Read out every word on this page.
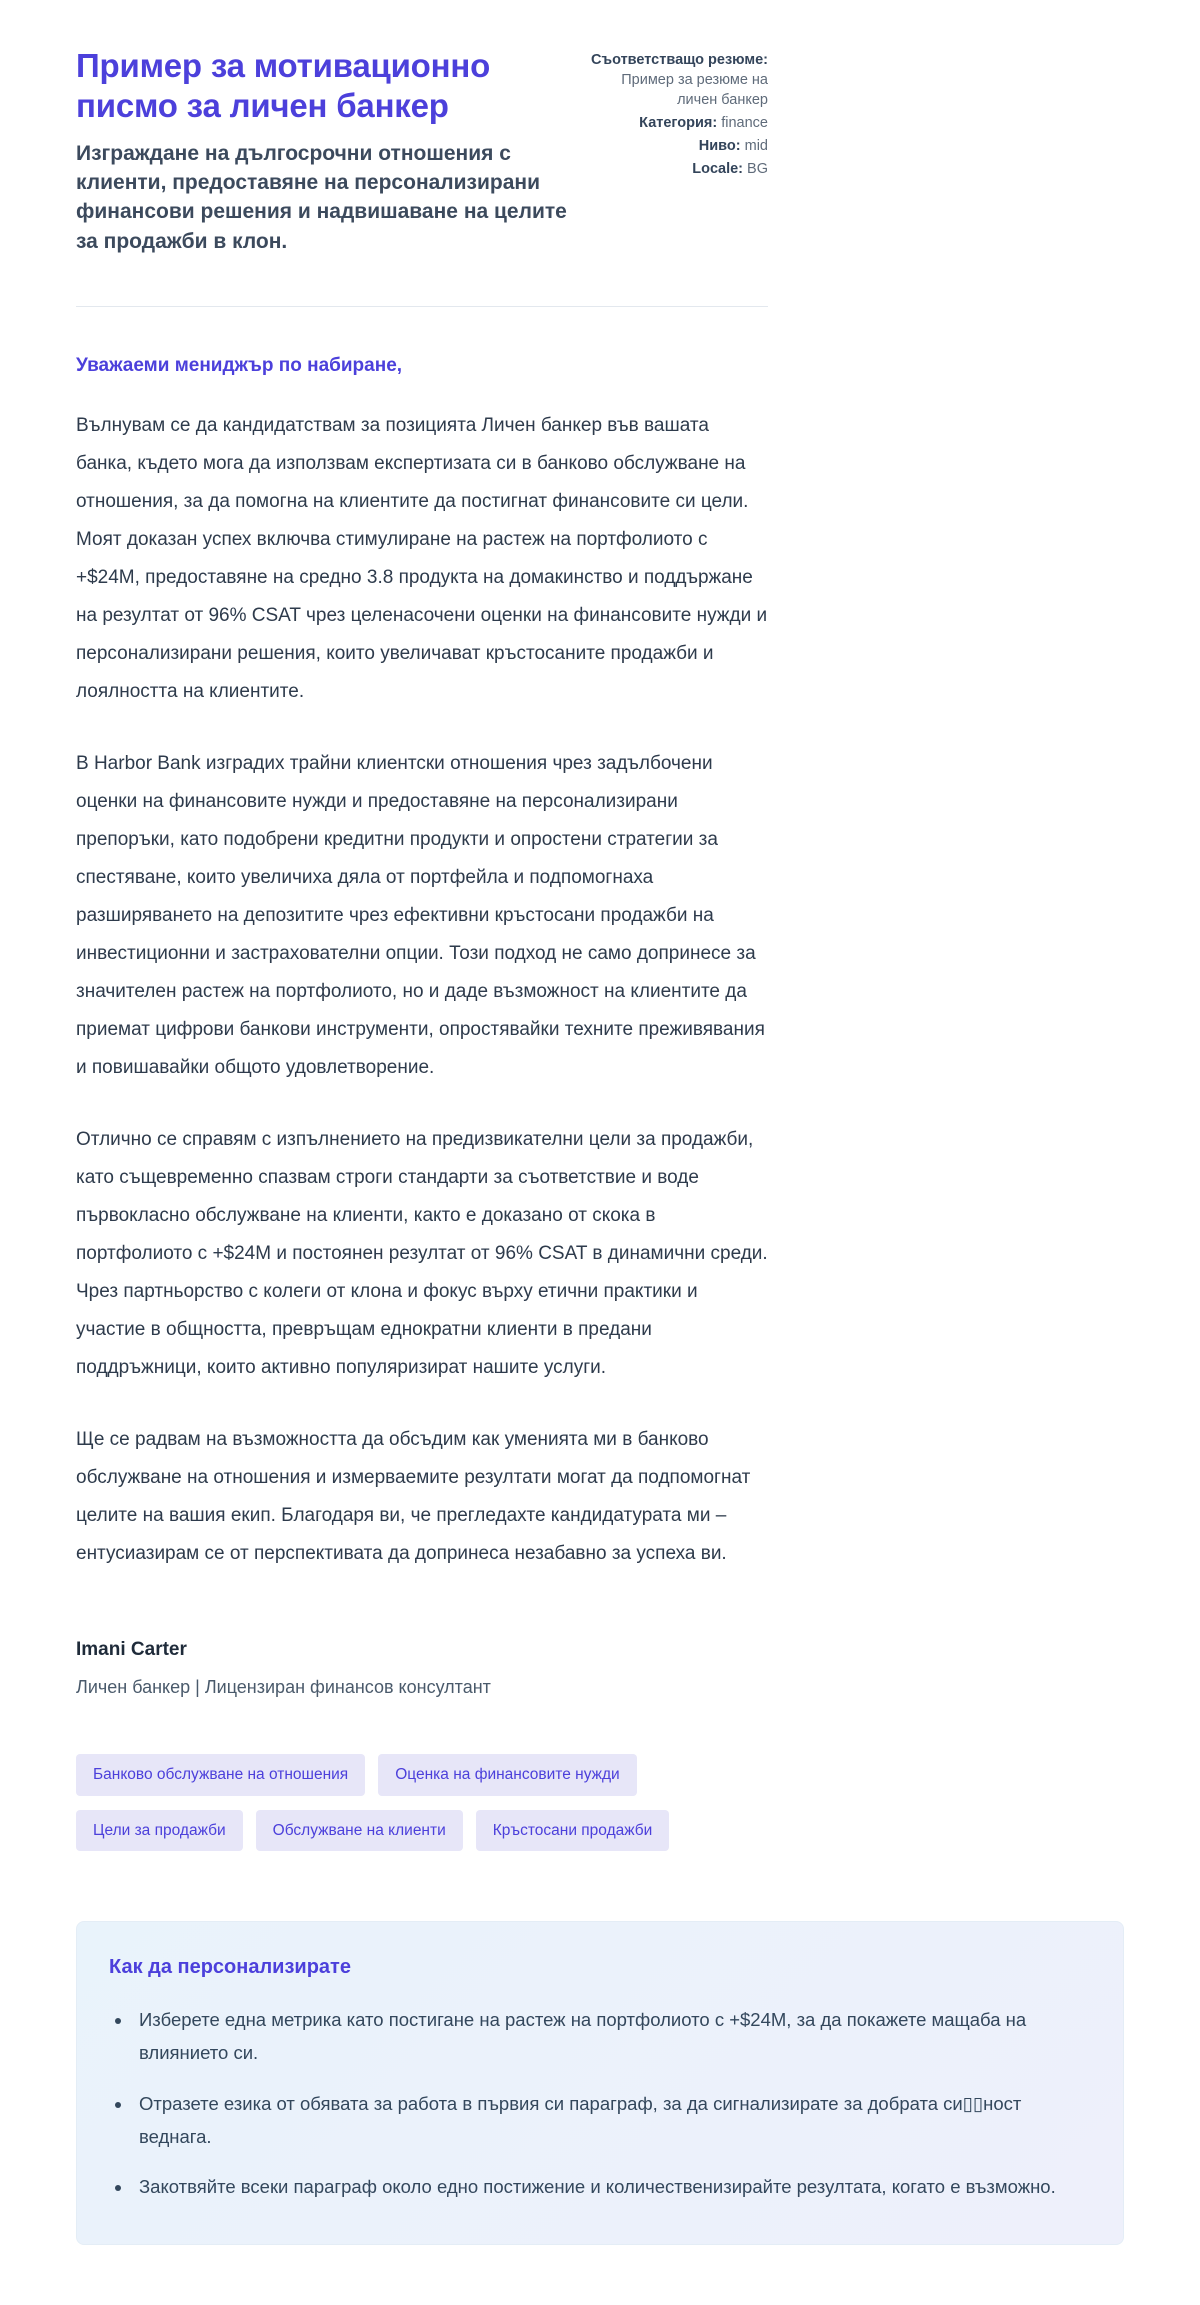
Пример за мотивационно писмо за личен банкер

Изграждане на дългосрочни отношения с клиенти, предоставяне на персонализирани финансови решения и надвишаване на целите за продажби в клон.

Съответстващо резюме: Пример за резюме на личен банкер
Категория: finance
Ниво: mid
Locale: BG

Уважаеми мениджър по набиране,

Вълнувам се да кандидатствам за позицията Личен банкер във вашата банка, където мога да използвам експертизата си в банково обслужване на отношения, за да помогна на клиентите да постигнат финансовите си цели. Моят доказан успех включва стимулиране на растеж на портфолиото с +$24M, предоставяне на средно 3.8 продукта на домакинство и поддържане на резултат от 96% CSAT чрез целенасочени оценки на финансовите нужди и персонализирани решения, които увеличават кръстосаните продажби и лоялността на клиентите.

В Harbor Bank изградих трайни клиентски отношения чрез задълбочени оценки на финансовите нужди и предоставяне на персонализирани препоръки, като подобрени кредитни продукти и опростени стратегии за спестяване, които увеличиха дяла от портфейла и подпомогнаха разширяването на депозитите чрез ефективни кръстосани продажби на инвестиционни и застрахователни опции. Този подход не само допринесе за значителен растеж на портфолиото, но и даде възможност на клиентите да приемат цифрови банкови инструменти, опростявайки техните преживявания и повишавайки общото удовлетворение.

Отлично се справям с изпълнението на предизвикателни цели за продажби, като същевременно спазвам строги стандарти за съответствие и воде първокласно обслужване на клиенти, както е доказано от скока в портфолиото с +$24M и постоянен резултат от 96% CSAT в динамични среди. Чрез партньорство с колеги от клона и фокус върху етични практики и участие в общността, превръщам еднократни клиенти в предани поддръжници, които активно популяризират нашите услуги.

Ще се радвам на възможността да обсъдим как уменията ми в банково обслужване на отношения и измерваемите резултати могат да подпомогнат целите на вашия екип. Благодаря ви, че прегледахте кандидатурата ми – ентусиазирам се от перспективата да допринеса незабавно за успеха ви.

Imani Carter

Личен банкер | Лицензиран финансов консултант

Банково обслужване на отношения	Оценка на финансовите нужди
Цели за продажби	Обслужване на клиенти	Кръстосани продажби
Как да персонализирате
• Изберете една метрика като постигане на растеж на портфолиото с +$24M, за да покажете мащаба на влиянието си.
• Отразете езика от обявата за работа в първия си параграф, за да сигнализирате за добрата си▯▯ност веднага.
• Закотвяйте всеки параграф около едно постижение и количественизирайте резултата, когато е възможно.
